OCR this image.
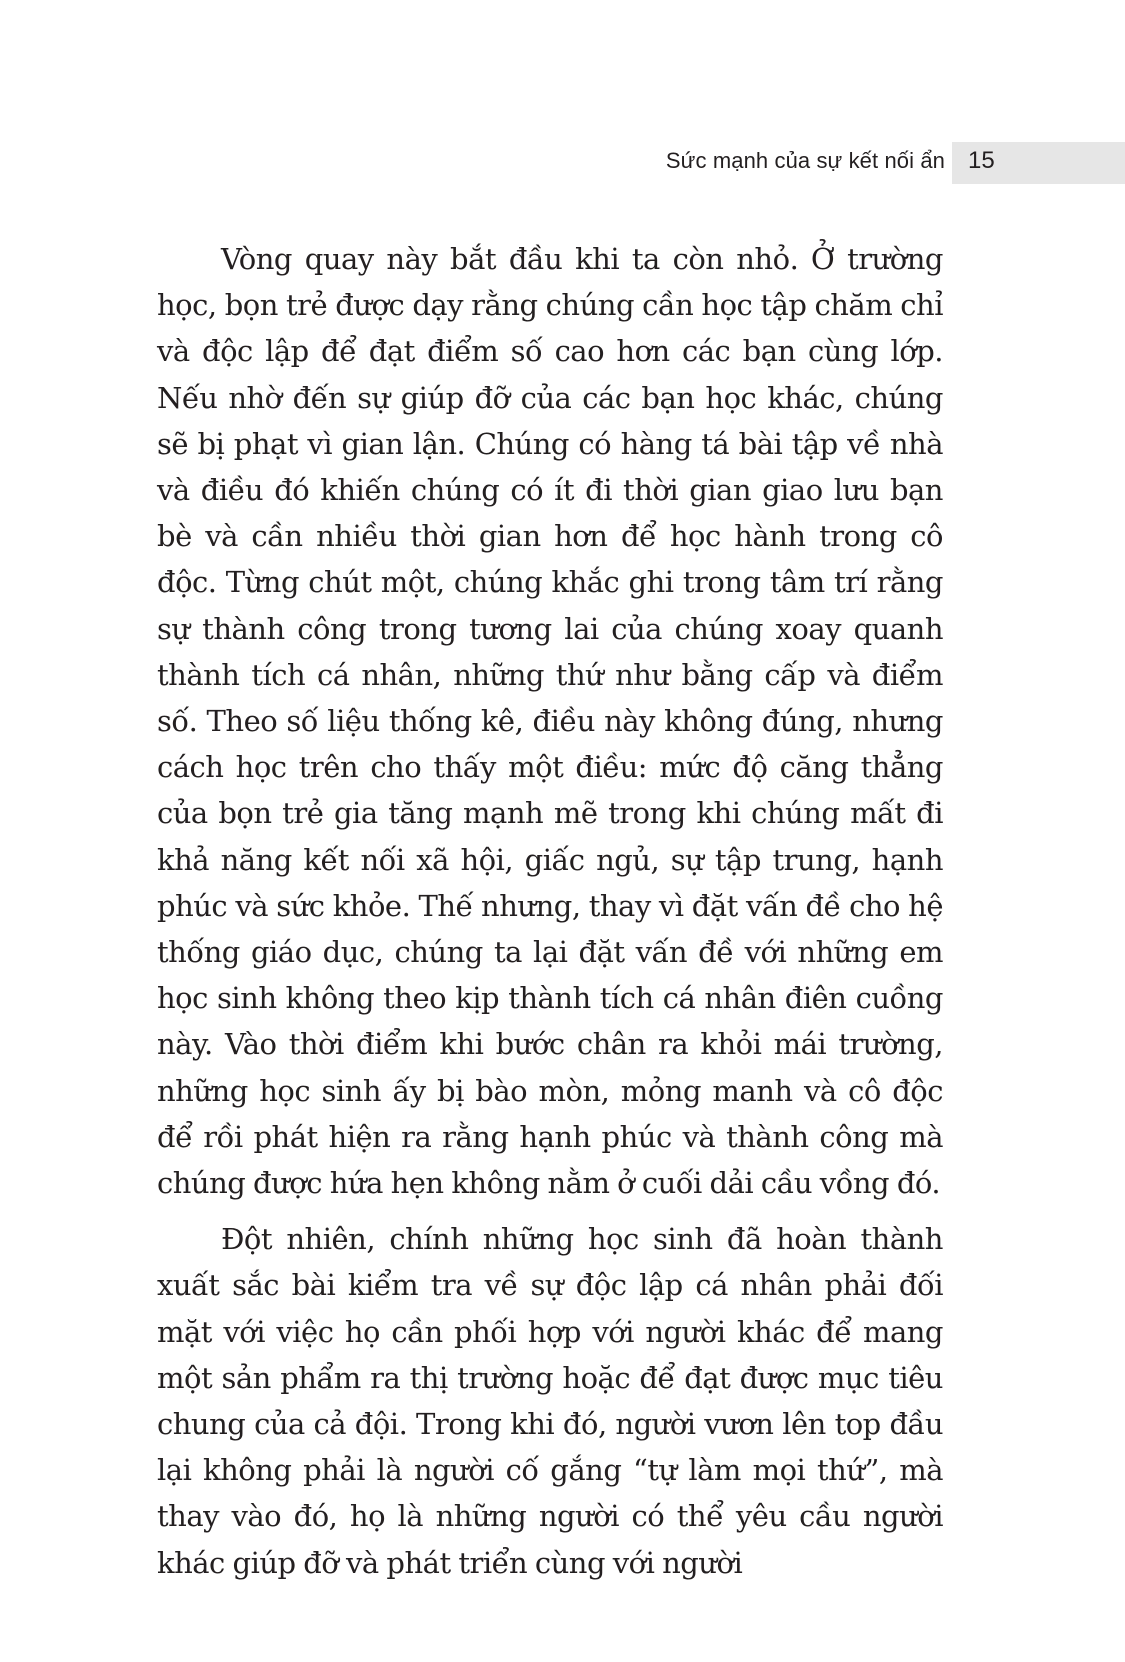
Sức mạnh của sự kết nối ẩn 15

Vòng quay này bắt đầu khi ta còn nhỏ. Ở trường học, bọn trẻ được dạy rằng chúng cần học tập chăm chỉ và độc lập để đạt điểm số cao hơn các bạn cùng lớp. Nếu nhờ đến sự giúp đỡ của các bạn học khác, chúng sẽ bị phạt vì gian lận. Chúng có hàng tá bài tập về nhà và điều đó khiến chúng có ít đi thời gian giao lưu bạn bè và cần nhiều thời gian hơn để học hành trong cô độc. Từng chút một, chúng khắc ghi trong tâm trí rằng sự thành công trong tương lai của chúng xoay quanh thành tích cá nhân, những thứ như bằng cấp và điểm số. Theo số liệu thống kê, điều này không đúng, nhưng cách học trên cho thấy một điều: mức độ căng thẳng của bọn trẻ gia tăng mạnh mẽ trong khi chúng mất đi khả năng kết nối xã hội, giấc ngủ, sự tập trung, hạnh phúc và sức khỏe. Thế nhưng, thay vì đặt vấn đề cho hệ thống giáo dục, chúng ta lại đặt vấn đề với những em học sinh không theo kịp thành tích cá nhân điên cuồng này. Vào thời điểm khi bước chân ra khỏi mái trường, những học sinh ấy bị bào mòn, mỏng manh và cô độc để rồi phát hiện ra rằng hạnh phúc và thành công mà chúng được hứa hẹn không nằm ở cuối dải cầu vồng đó.

Đột nhiên, chính những học sinh đã hoàn thành xuất sắc bài kiểm tra về sự độc lập cá nhân phải đối mặt với việc họ cần phối hợp với người khác để mang một sản phẩm ra thị trường hoặc để đạt được mục tiêu chung của cả đội. Trong khi đó, người vươn lên top đầu lại không phải là người cố gắng “tự làm mọi thứ”, mà thay vào đó, họ là những người có thể yêu cầu người khác giúp đỡ và phát triển cùng với người
